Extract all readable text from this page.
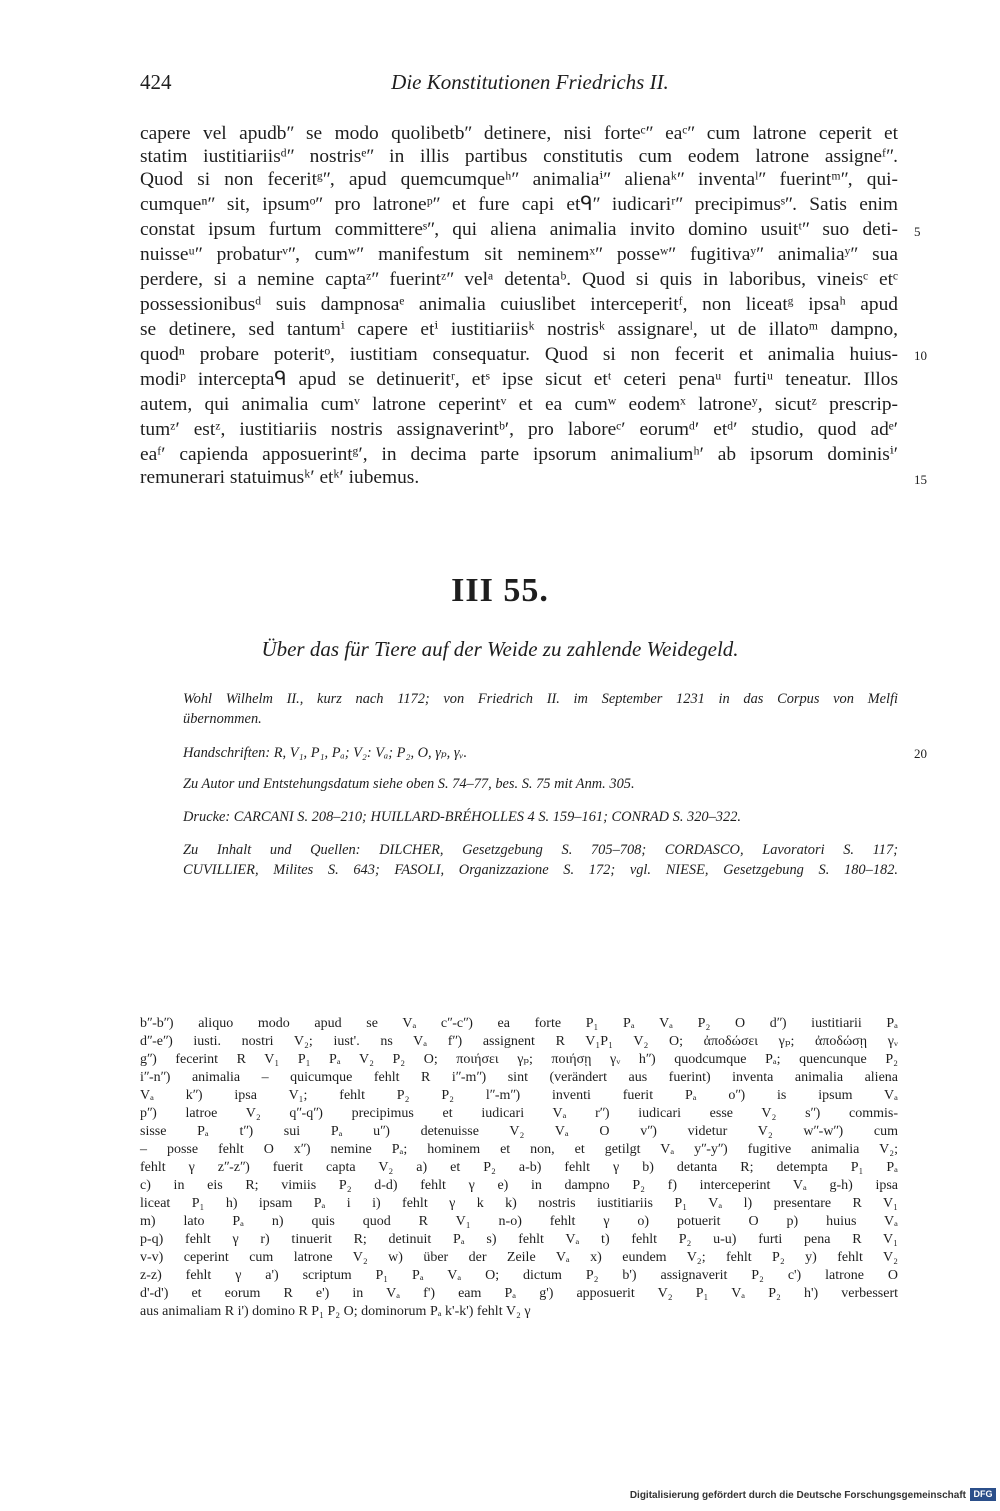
424	Die Konstitutionen Friedrichs II.
capere vel apudbʺ se modo quolibetbʺ detinere, nisi forteᶜʺ eaᶜʺ cum latrone ceperit et
statim iustitiariisᵈʺ nostrisᵉʺ in illis partibus constitutis cum eodem latrone assigneᶠʺ.
Quod si non feceritᵍʺ, apud quemcumqueʰʺ animaliaⁱʺ alienaᵏʺ inventaˡʺ fuerintᵐʺ, qui-
cumqueⁿʺ sit, ipsumᵒʺ pro latroneᵖʺ et fure capi etᑫʺ iudicariʳʺ precipimusˢʺ. Satis enim
constat ipsum furtum committereˢʺ, qui aliena animalia invito domino usuitᵗʺ suo deti-
nuisseᵘʺ probaturᵛʺ, cumʷʺ manifestum sit neminemˣʺ posseʷʺ fugitivaʸʺ animaliaʸʺ sua
perdere, si a nemine captaᶻʺ fuerintᶻʺ velᵃ detentaᵇ. Quod si quis in laboribus, vineisᶜ etᶜ
possessionibusᵈ suis dampnosaᵉ animalia cuiuslibet interceperitᶠ, non liceatᵍ ipsaʰ apud
se detinere, sed tantumⁱ capere etⁱ iustitiariisᵏ nostrisᵏ assignareˡ, ut de illatoᵐ dampno,
quodⁿ probare poteritᵒ, iustitiam consequatur. Quod si non fecerit et animalia huius-
modiᵖ interceptaᑫ apud se detinueritʳ, etˢ ipse sicut etᵗ ceteri penaᵘ furtiᵘ teneatur. Illos
autem, qui animalia cumᵛ latrone ceperintᵛ et ea cumʷ eodemˣ latroneʸ, sicutᶻ prescrip-
tumᶻʹ estᶻ, iustitiariis nostris assignaverintᵇʹ, pro laboreᶜʹ eorumᵈʹ etᵈʹ studio, quod adᵉʹ
eaᶠʹ capienda apposuerintᵍʹ, in decima parte ipsorum animaliumʰʹ ab ipsorum dominisⁱʹ
remunerari statuimusᵏʹ etᵏʹ iubemus.
5
10
15
III 55.
Über das für Tiere auf der Weide zu zahlende Weidegeld.
Wohl Wilhelm II., kurz nach 1172; von Friedrich II. im September 1231 in das Corpus von Melfi
übernommen.
Handschriften: R, V₁, P₁, Pₐ; V₂: Vₐ; P₂, O, γₚ, γᵥ.	20
Zu Autor und Entstehungsdatum siehe oben S. 74–77, bes. S. 75 mit Anm. 305.
Drucke: CARCANI S. 208–210; HUILLARD-BRÉHOLLES 4 S. 159–161; CONRAD S. 320–322.
Zu Inhalt und Quellen: DILCHER, Gesetzgebung S. 705–708; CORDASCO, Lavoratori S. 117;
CUVILLIER, Milites S. 643; FASOLI, Organizzazione S. 172; vgl. NIESE, Gesetzgebung S. 180–182.
bʺ-bʺ) aliquo modo apud se Vₐ cʺ-cʺ) ea forte P₁ Pₐ Vₐ P₂ O dʺ) iustitiarii Pₐ
dʺ-eʺ) iusti. nostri V₂; iust'. ns Vₐ fʺ) assignent R V₁P₁ V₂ O; ἀποδώσει γₚ; ἀποδώσῃ γᵥ
gʺ) fecerint R V₁ P₁ Pₐ V₂ P₂ O; ποιήσει γₚ; ποιήσῃ γᵥ hʺ) quodcumque Pₐ; quencunque P₂
iʺ-nʺ) animalia – quicumque fehlt R iʺ-mʺ) sint (verändert aus fuerint) inventa animalia aliena
Vₐ kʺ) ipsa V₁; fehlt P₂ P₂ lʺ-mʺ) inventi fuerit Pₐ oʺ) is ipsum Vₐ
pʺ) latroe V₂ qʺ-qʺ) precipimus et iudicari Vₐ rʺ) iudicari esse V₂ sʺ) commis-
sisse Pₐ tʺ) sui Pₐ uʺ) detenuisse V₂ Vₐ O vʺ) videtur V₂ wʺ-wʺ) cum
– posse fehlt O xʺ) nemine Pₐ; hominem et non, et getilgt Vₐ yʺ-yʺ) fugitive animalia V₂;
fehlt γ zʺ-zʺ) fuerit capta V₂ a) et P₂ a-b) fehlt γ b) detanta R; detempta P₁ Pₐ
c) in eis R; vimiis P₂ d-d) fehlt γ e) in dampno P₂ f) interceperint Vₐ g-h) ipsa
liceat P₁ h) ipsam Pₐ i i) fehlt γ k k) nostris iustitiariis P₁ Vₐ l) presentare R V₁
m) lato Pₐ n) quis quod R V₁ n-o) fehlt γ o) potuerit O p) huius Vₐ
p-q) fehlt γ r) tinuerit R; detinuit Pₐ s) fehlt Vₐ t) fehlt P₂ u-u) furti pena R V₁
v-v) ceperint cum latrone V₂ w) über der Zeile Vₐ x) eundem V₂; fehlt P₂ y) fehlt V₂
z-z) fehlt γ a') scriptum P₁ Pₐ Vₐ O; dictum P₂ b') assignaverit P₂ c') latrone O
d'-d') et eorum R e') in Vₐ f') eam Pₐ g') apposuerit V₂ P₁ Vₐ P₂ h') verbessert
aus animaliam R i') domino R P₁ P₂ O; dominorum Pₐ k'-k') fehlt V₂ γ
Digitalisierung gefördert durch die Deutsche Forschungsgemeinschaft DFG
